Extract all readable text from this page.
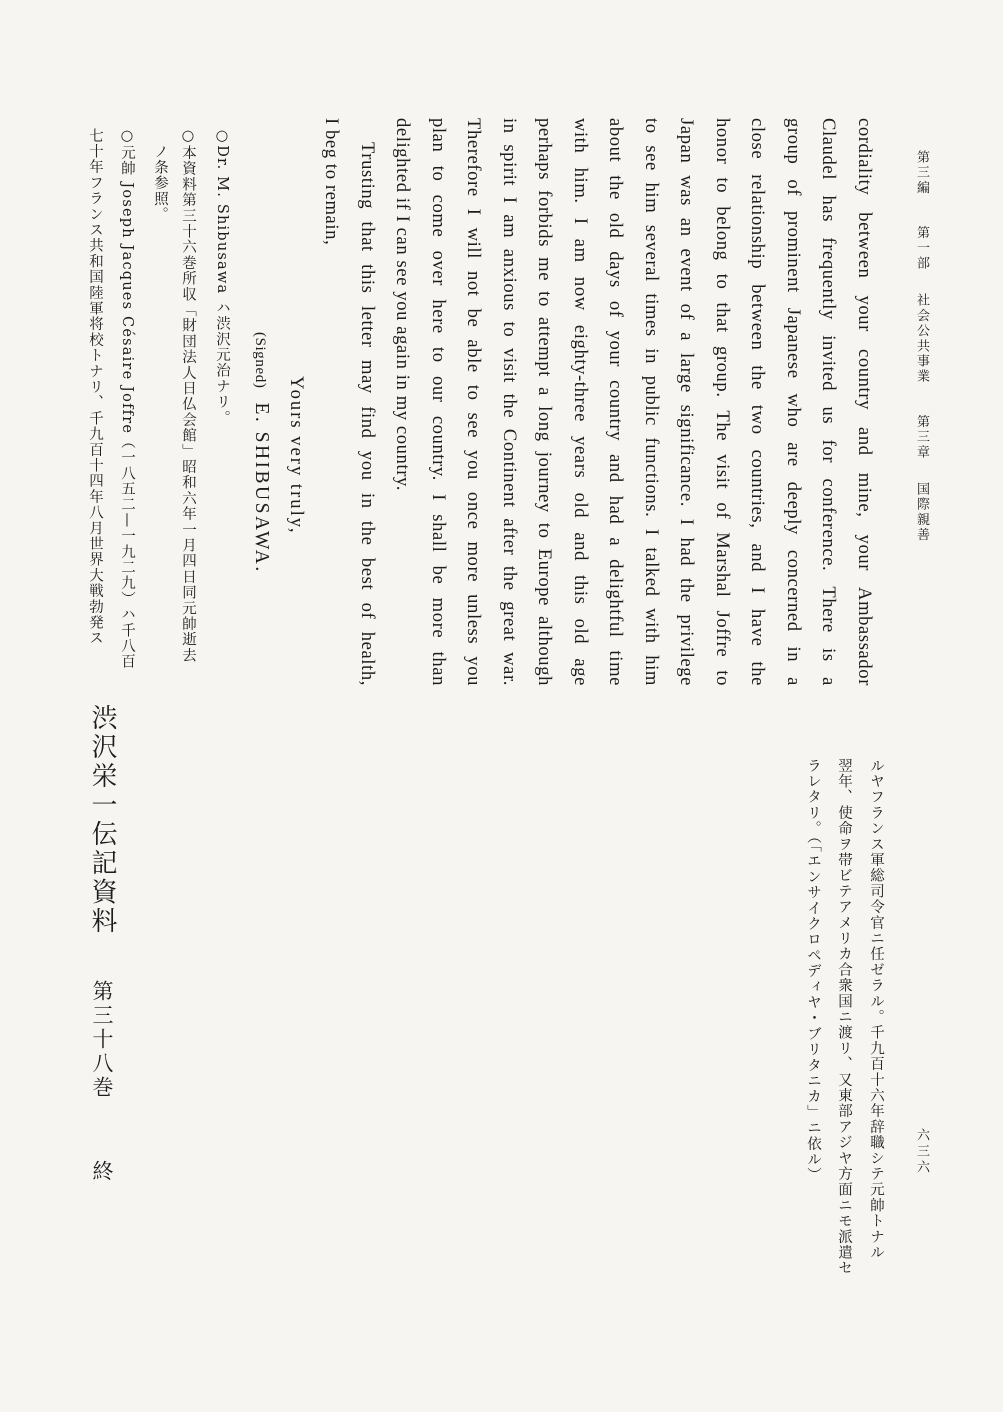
第三編第一部社会公共事業第三章国際親善
六三六
cordiality between your country and mine, your Ambassador
Claudel has frequently invited us for conference. There is a
group of prominent Japanese who are deeply concerned in a
close relationship between the two countries, and I have the
honor to belong to that group. The visit of Marshal Joffre to
Japan was an event of a large significance. I had the privilege
to see him several times in public functions. I talked with him
about the old days of your country and had a delightful time
with him. I am now eighty-three years old and this old age
perhaps forbids me to attempt a long journey to Europe although
in spirit I am anxious to visit the Continent after the great war.
Therefore I will not be able to see you once more unless you
plan to come over here to our country. I shall be more than
delighted if I can see you again in my country.
Trusting that this letter may find you in the best of health,
I beg to remain,
Yours very truly,
(Signed)E. SHIBUSAWA.
○Dr. M. Shibusawa ハ渋沢元治ナリ。
○本資料第三十六巻所収「財団法人日仏会館」昭和六年一月四日同元帥逝去
ノ条参照。
○元帥 Joseph Jacques Césaire Joffre（一八五二—一九二九）ハ千八百
七十年フランス共和国陸軍将校トナリ、千九百十四年八月世界大戦勃発ス
ルヤフランス軍総司令官ニ任ゼラル。千九百十六年辞職シテ元帥トナル
翌年、使命ヲ帯ビテアメリカ合衆国ニ渡リ、又東部アジヤ方面ニモ派遣セ
ラレタリ。（「エンサイクロペディヤ・ブリタニカ」ニ依ル）
渋沢栄一伝記資料第三十八巻終
